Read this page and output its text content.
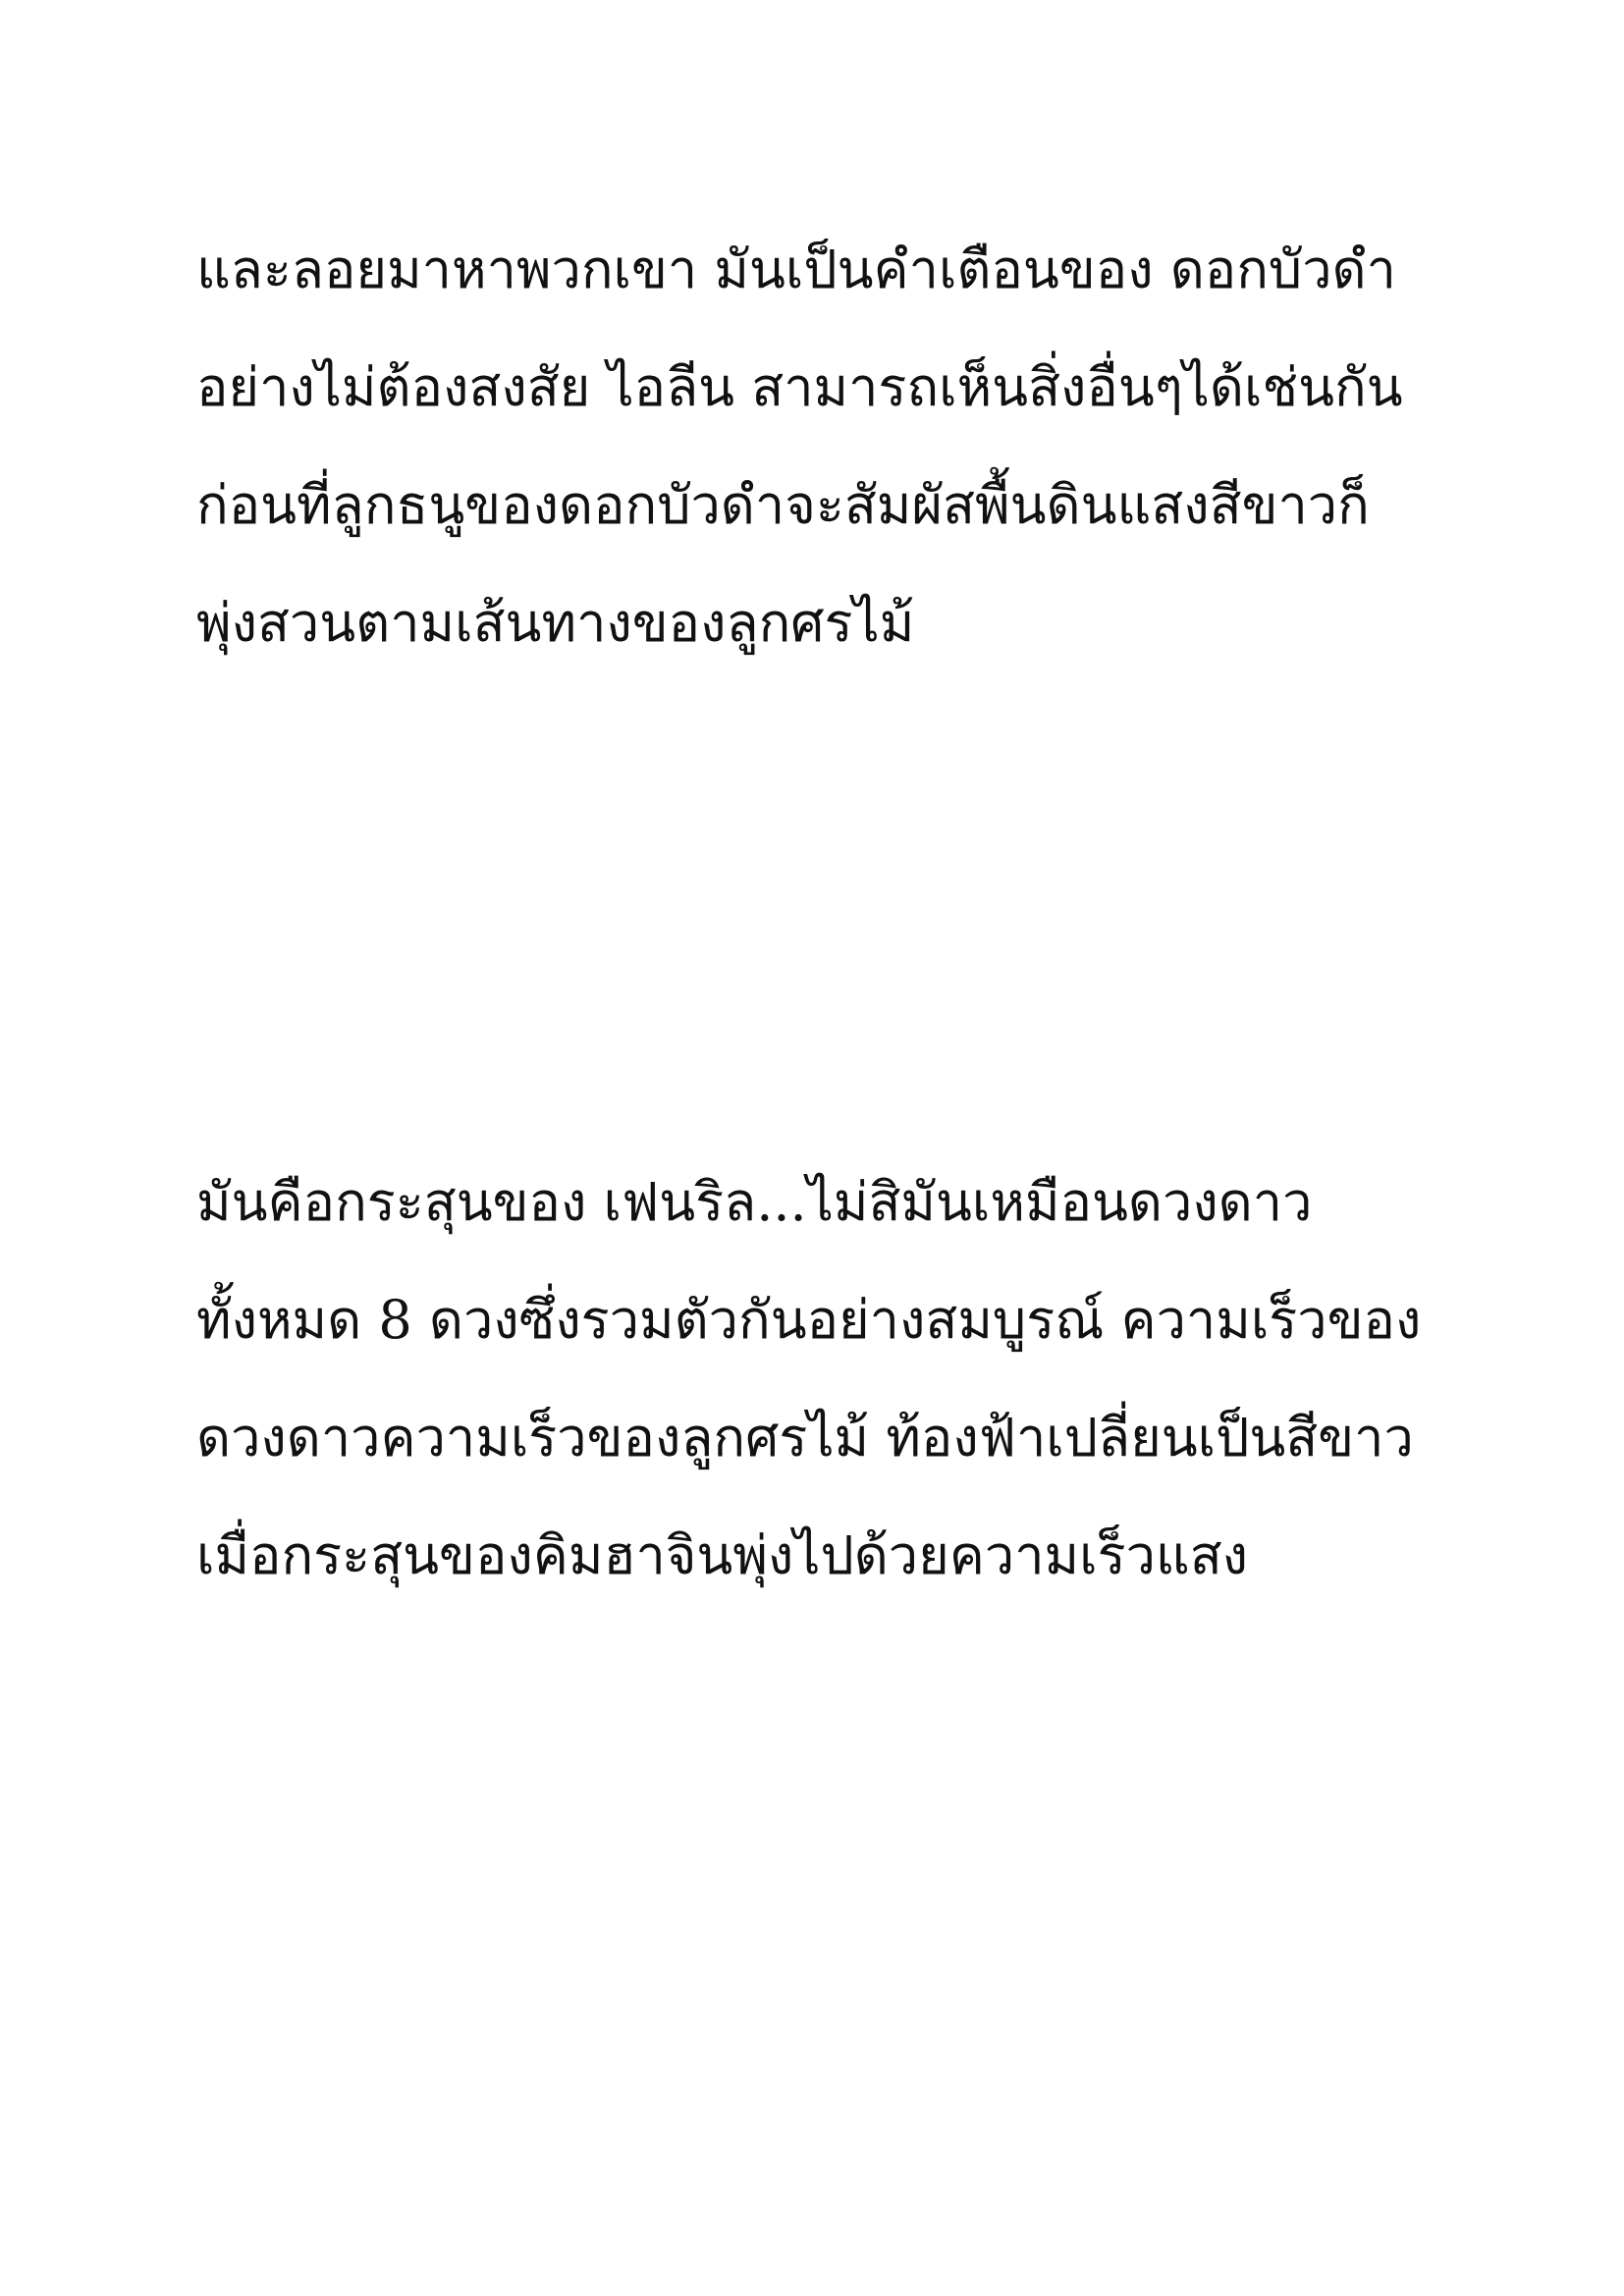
และลอยมาหาพวกเขา มันเป็นคำเตือนของ ดอกบัวดำ
อย่างไม่ต้องสงสัย ไอลีน สามารถเห็นสิ่งอื่นๆได้เช่นกัน
ก่อนที่ลูกธนูของดอกบัวดำจะสัมผัสพื้นดินแสงสีขาวก็
พุ่งสวนตามเส้นทางของลูกศรไม้
มันคือกระสุนของ เฟนริล...ไม่สิมันเหมือนดวงดาว
ทั้งหมด 8 ดวงซึ่งรวมตัวกันอย่างสมบูรณ์ ความเร็วของ
ดวงดาวความเร็วของลูกศรไม้ ท้องฟ้าเปลี่ยนเป็นสีขาว
เมื่อกระสุนของคิมฮาจินพุ่งไปด้วยความเร็วแสง
